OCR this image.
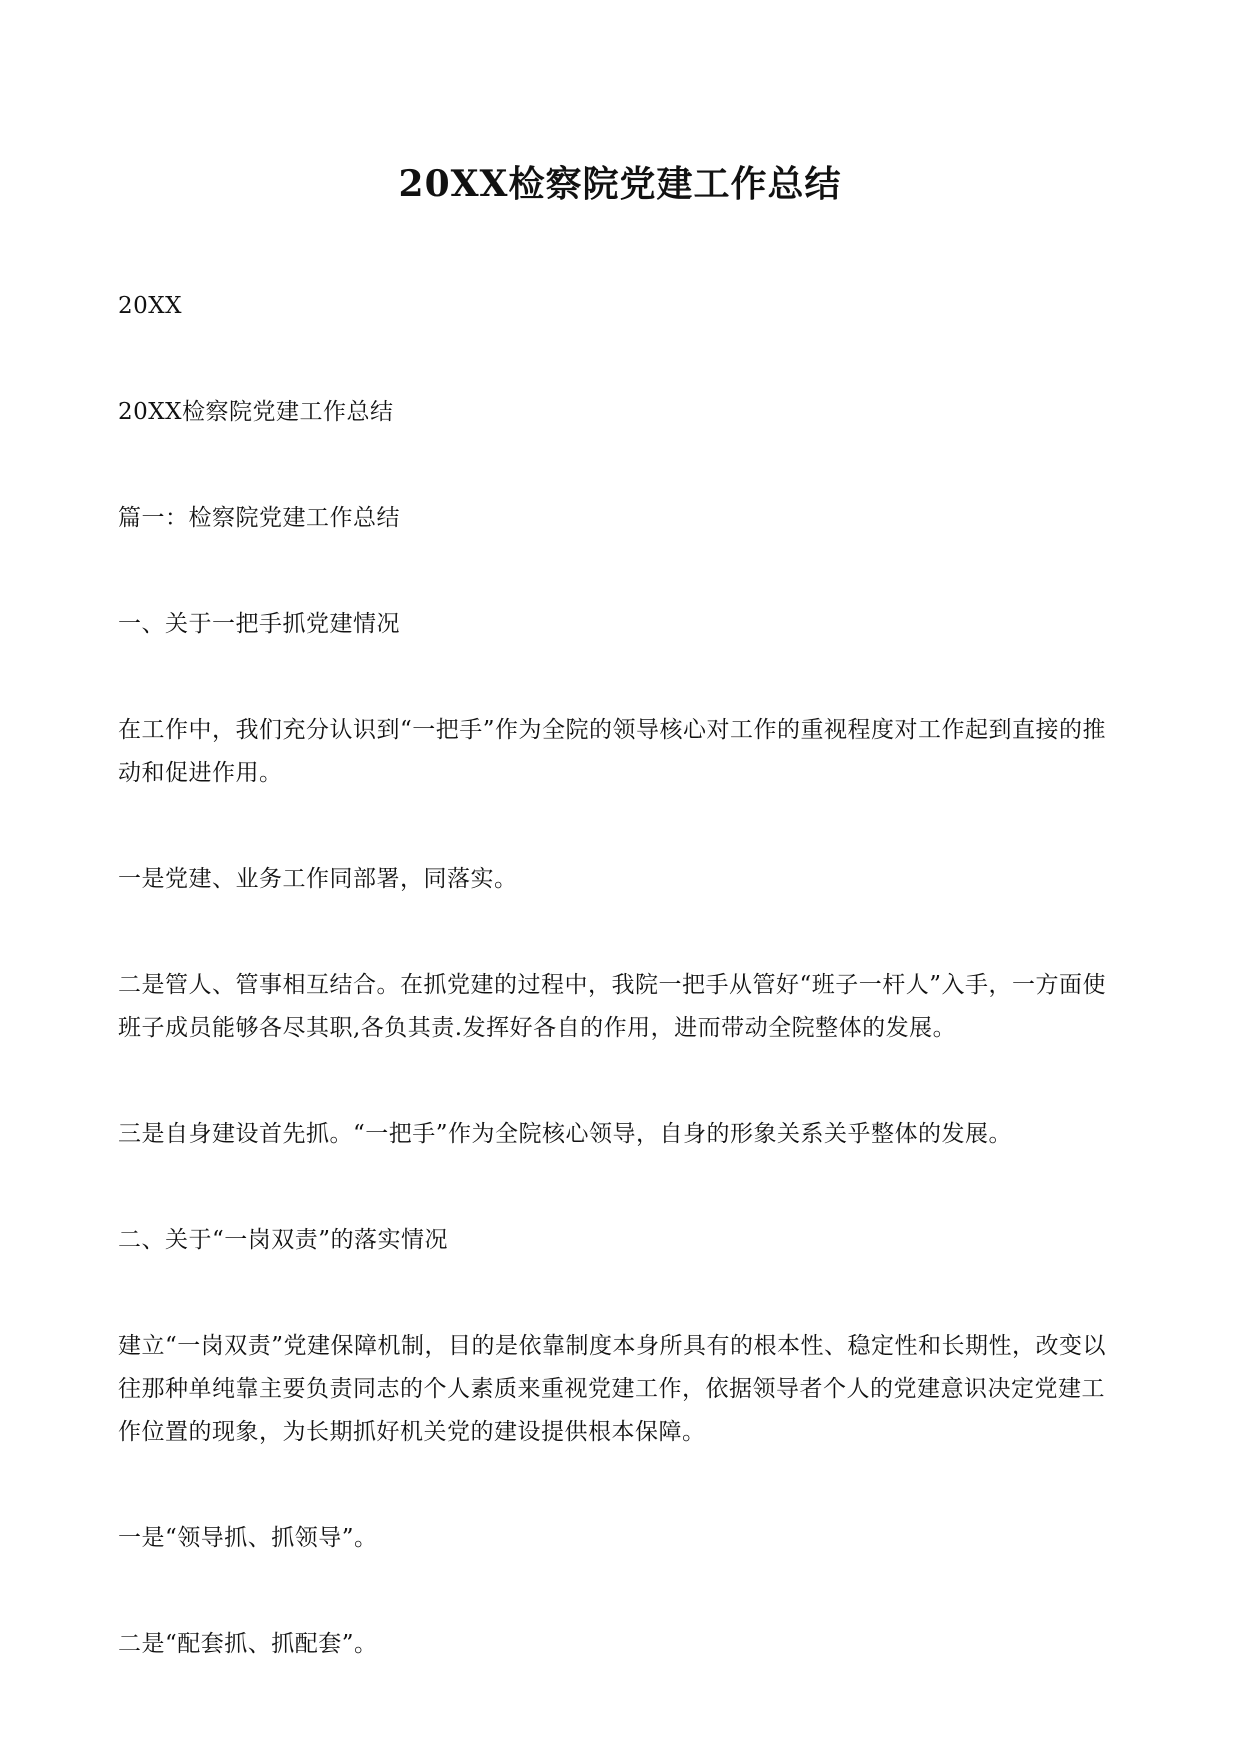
20XX检察院党建工作总结

20XX

20XX检察院党建工作总结

篇一：检察院党建工作总结

一、关于一把手抓党建情况

在工作中，我们充分认识到“一把手”作为全院的领导核心对工作的重视程度对工作起到直接的推动和促进作用。

一是党建、业务工作同部署，同落实。

二是管人、管事相互结合。在抓党建的过程中，我院一把手从管好“班子一杆人”入手，一方面使班子成员能够各尽其职,各负其责.发挥好各自的作用，进而带动全院整体的发展。

三是自身建设首先抓。“一把手”作为全院核心领导，自身的形象关系关乎整体的发展。

二、关于“一岗双责”的落实情况

建立“一岗双责”党建保障机制，目的是依靠制度本身所具有的根本性、稳定性和长期性，改变以往那种单纯靠主要负责同志的个人素质来重视党建工作，依据领导者个人的党建意识决定党建工作位置的现象，为长期抓好机关党的建设提供根本保障。

一是“领导抓、抓领导”。

二是“配套抓、抓配套”。
